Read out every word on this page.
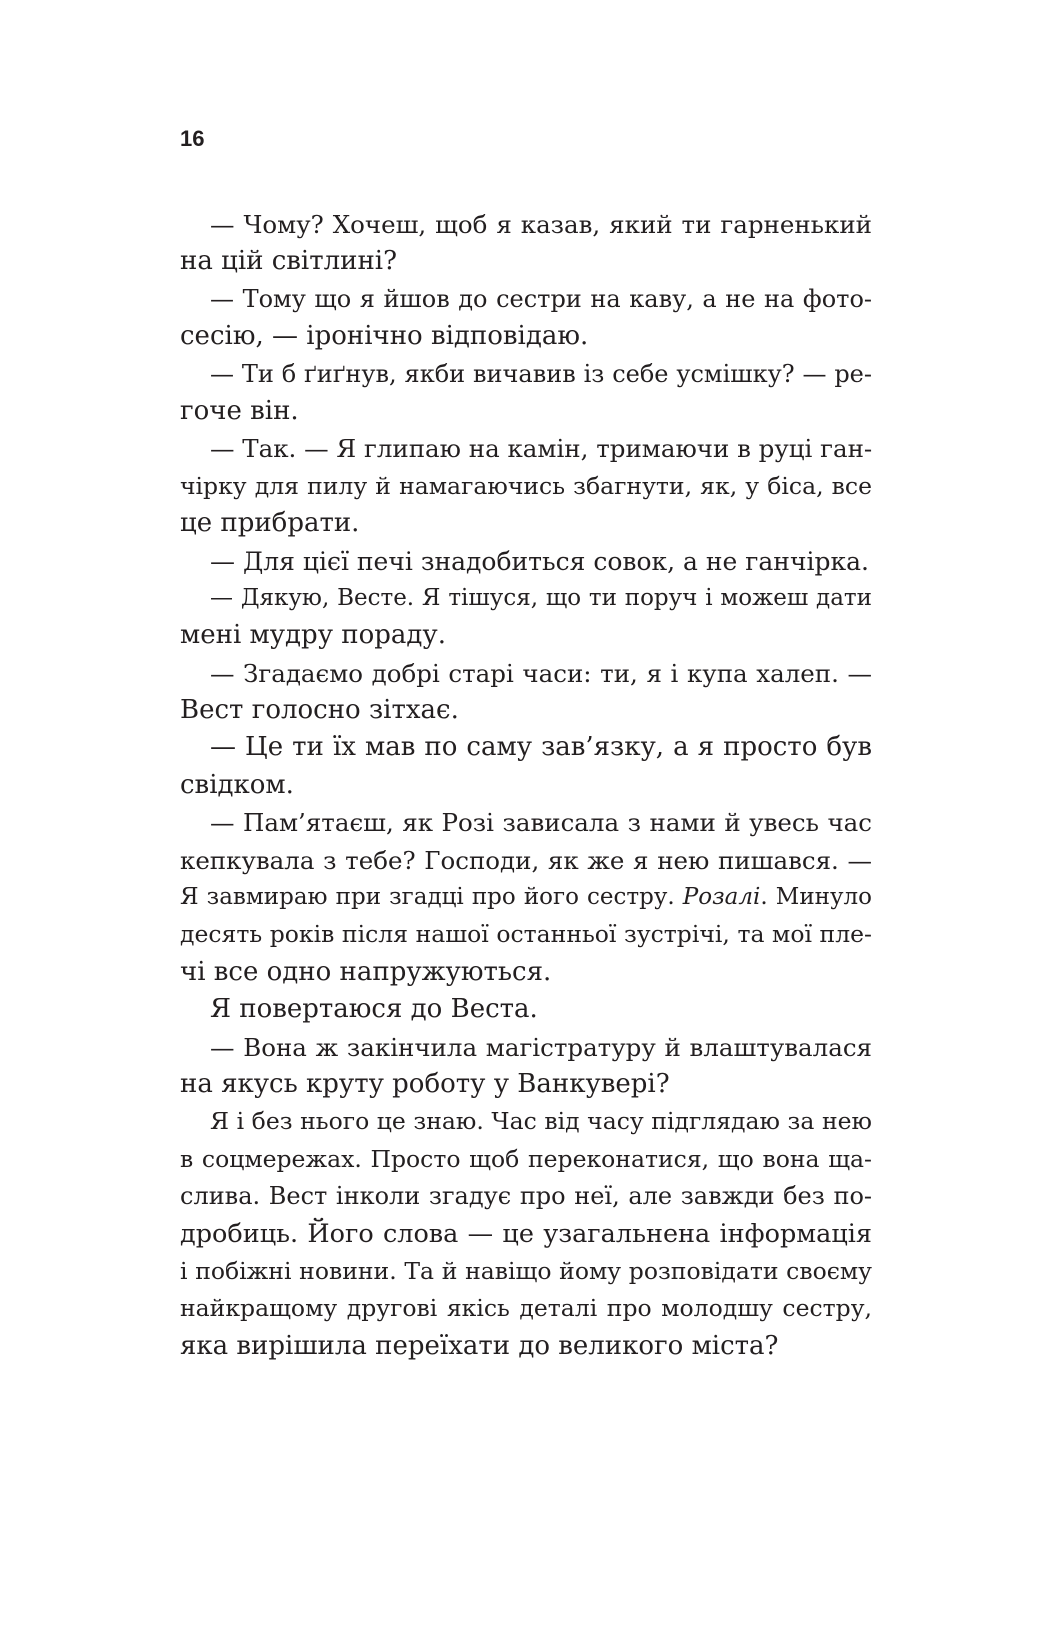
16
— Чому? Хочеш, щоб я казав, який ти гарненький
на цій світлині?
— Тому що я йшов до сестри на каву, а не на фото-
сесію, — іронічно відповідаю.
— Ти б ґиґнув, якби вичавив із себе усмішку? — ре-
гоче він.
— Так. — Я глипаю на камін, тримаючи в руці ган-
чірку для пилу й намагаючись збагнути, як, у біса, все
це прибрати.
— Для цієї печі знадобиться совок, а не ганчірка.
— Дякую, Весте. Я тішуся, що ти поруч і можеш дати
мені мудру пораду.
— Згадаємо добрі старі часи: ти, я і купа халеп. —
Вест голосно зітхає.
— Це ти їх мав по саму зав’язку, а я просто був
свідком.
— Пам’ятаєш, як Розі зависала з нами й увесь час
кепкувала з тебе? Господи, як же я нею пишався. —
Я завмираю при згадці про його сестру. Розалі. Минуло
десять років після нашої останньої зустрічі, та мої пле-
чі все одно напружуються.
Я повертаюся до Веста.
— Вона ж закінчила магістратуру й влаштувалася
на якусь круту роботу у Ванкувері?
Я і без нього це знаю. Час від часу підглядаю за нею
в соцмережах. Просто щоб переконатися, що вона ща-
слива. Вест інколи згадує про неї, але завжди без по-
дробиць. Його слова — це узагальнена інформація
і побіжні новини. Та й навіщо йому розповідати своєму
найкращому другові якісь деталі про молодшу сестру,
яка вирішила переїхати до великого міста?
